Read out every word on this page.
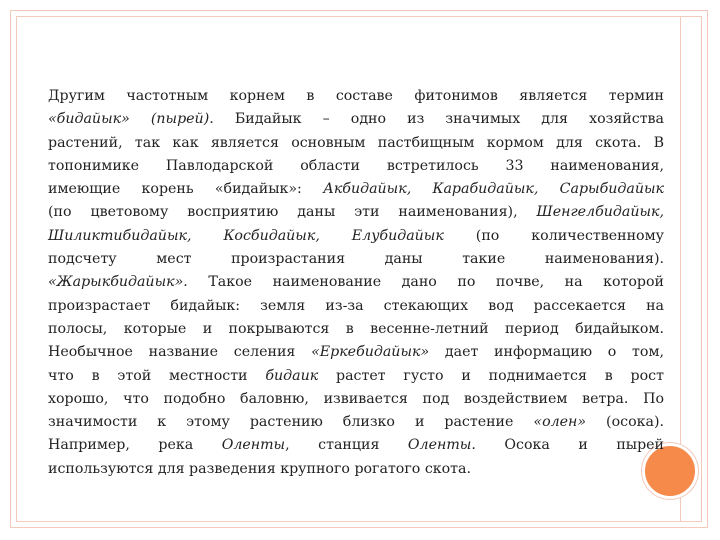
Другим частотным корнем в составе фитонимов является термин
«бидайык» (пырей). Бидайык – одно из значимых для хозяйства
растений, так как является основным пастбищным кормом для скота. В
топонимике Павлодарской области встретилось 33 наименования,
имеющие корень «бидайык»: Акбидайык, Карабидайык, Сарыбидайык
(по цветовому восприятию даны эти наименования), Шенгелбидайык,
Шиликтибидайык, Косбидайык, Елубидайык (по количественному
подсчету мест произрастания даны такие наименования).
«Жарыкбидайык». Такое наименование дано по почве, на которой
произрастает бидайык: земля из-за стекающих вод рассекается на
полосы, которые и покрываются в весенне-летний период бидайыком.
Необычное название селения «Еркебидайык» дает информацию о том,
что в этой местности бидаик растет густо и поднимается в рост
хорошо, что подобно баловню, извивается под воздействием ветра. По
значимости к этому растению близко и растение «олен» (осока).
Например, река Оленты, станция Оленты. Осока и пырей
используются для разведения крупного рогатого скота.
